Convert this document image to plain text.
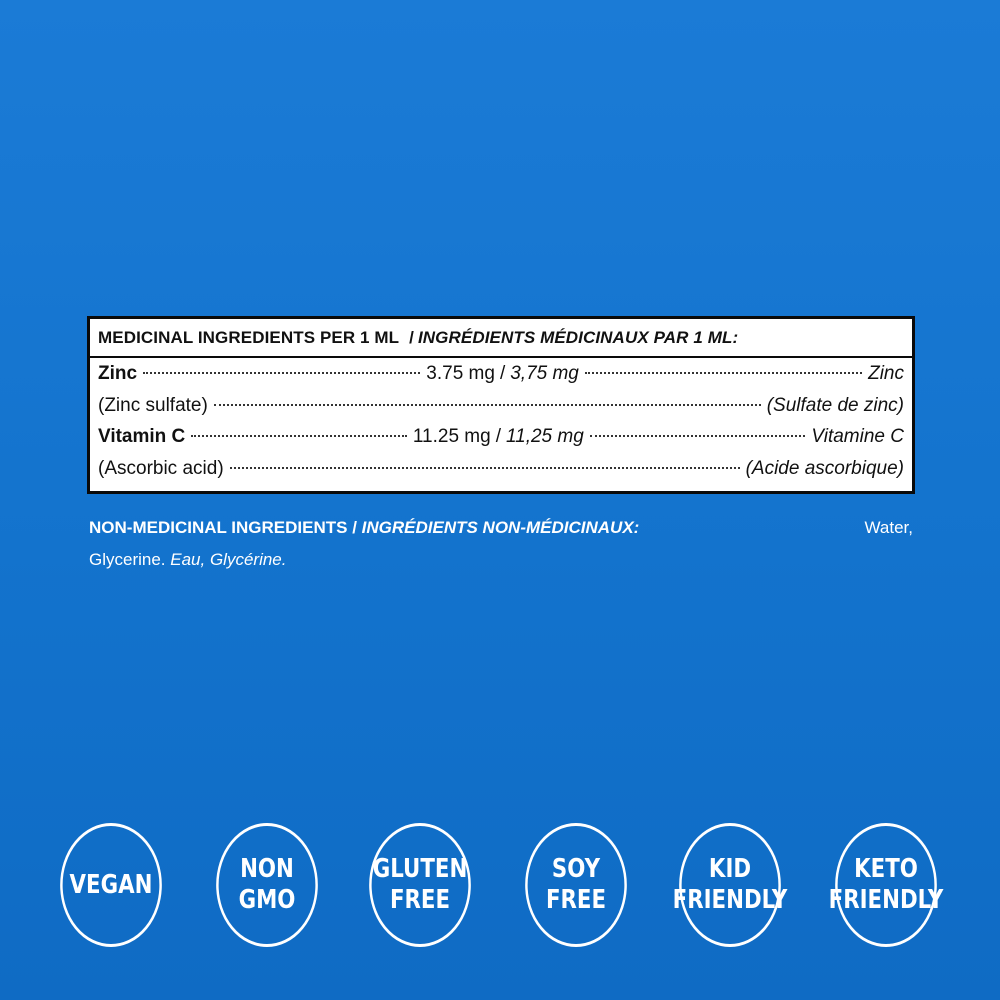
MEDICINAL INGREDIENTS PER 1 ML / INGRÉDIENTS MÉDICINAUX PAR 1 ML:
Zinc	3.75 mg / 3,75 mg	Zinc
(Zinc sulfate)	(Sulfate de zinc)
Vitamin C	11.25 mg / 11,25 mg	Vitamine C
(Ascorbic acid)	(Acide ascorbique)
NON-MEDICINAL INGREDIENTS / INGRÉDIENTS NON-MÉDICINAUX:	Water,
Glycerine. Eau, Glycérine.
VEGAN
NON
GMO
GLUTEN
FREE
SOY
FREE
KID
FRIENDLY
KETO
FRIENDLY
